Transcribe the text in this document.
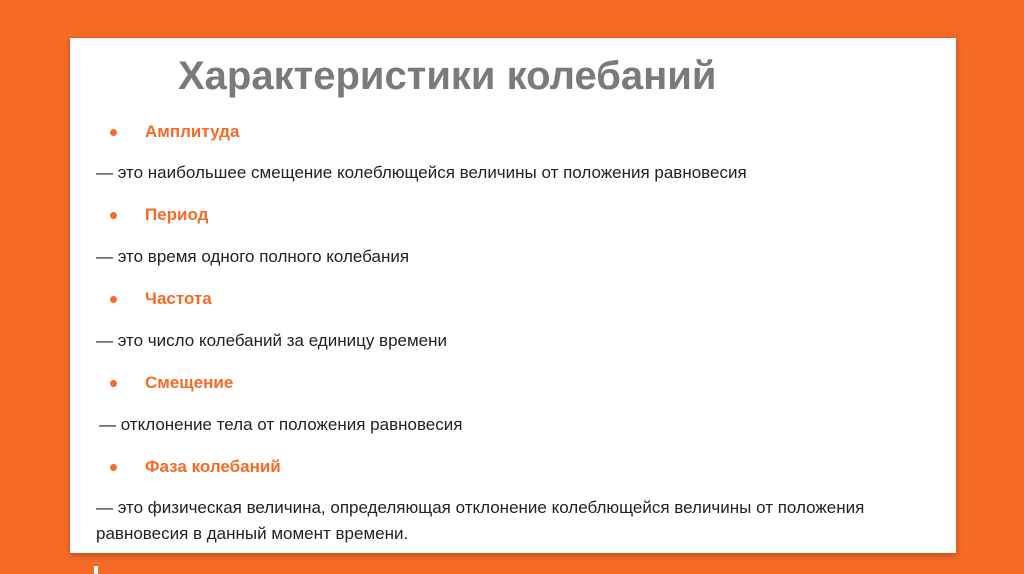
Характеристики колебаний
Амплитуда
— это наибольшее смещение колеблющейся величины от положения равновесия
Период
— это время одного полного колебания
Частота
— это число колебаний за единицу времени
Смещение
— отклонение тела от положения равновесия
Фаза колебаний
— это физическая величина, определяющая отклонение колеблющейся величины от положения равновесия в данный момент времени.
